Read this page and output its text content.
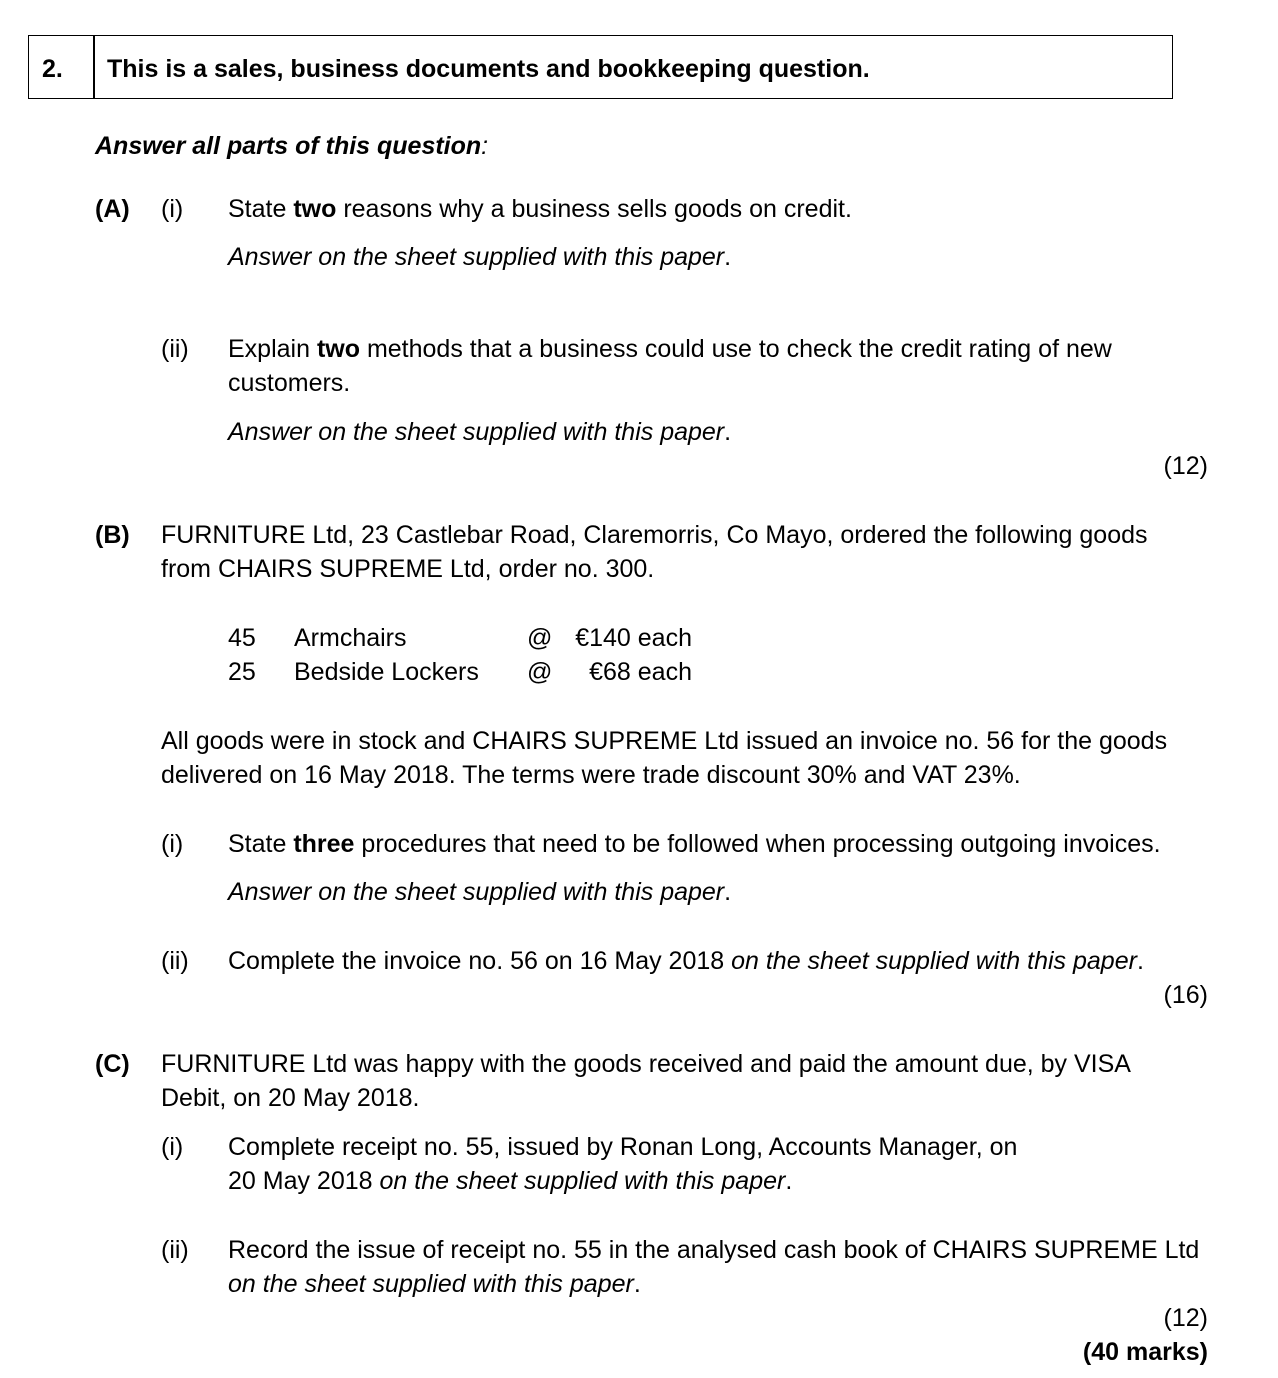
2. This is a sales, business documents and bookkeeping question.
Answer all parts of this question:
(A) (i) State two reasons why a business sells goods on credit.
Answer on the sheet supplied with this paper.
(ii) Explain two methods that a business could use to check the credit rating of new
customers.
Answer on the sheet supplied with this paper.
(12)
(B) FURNITURE Ltd, 23 Castlebar Road, Claremorris, Co Mayo, ordered the following goods
from CHAIRS SUPREME Ltd, order no. 300.
45 Armchairs	@ €140 each
25 Bedside Lockers @	€68 each
All goods were in stock and CHAIRS SUPREME Ltd issued an invoice no. 56 for the goods
delivered on 16 May 2018. The terms were trade discount 30% and VAT 23%.
(i) State three procedures that need to be followed when processing outgoing invoices.
Answer on the sheet supplied with this paper.
(ii) Complete the invoice no. 56 on 16 May 2018 on the sheet supplied with this paper.
(16)
(C) FURNITURE Ltd was happy with the goods received and paid the amount due, by VISA
Debit, on 20 May 2018.
(i) Complete receipt no. 55, issued by Ronan Long, Accounts Manager, on
20 May 2018 on the sheet supplied with this paper.
(ii) Record the issue of receipt no. 55 in the analysed cash book of CHAIRS SUPREME Ltd
on the sheet supplied with this paper.
(12)
(40 marks)
